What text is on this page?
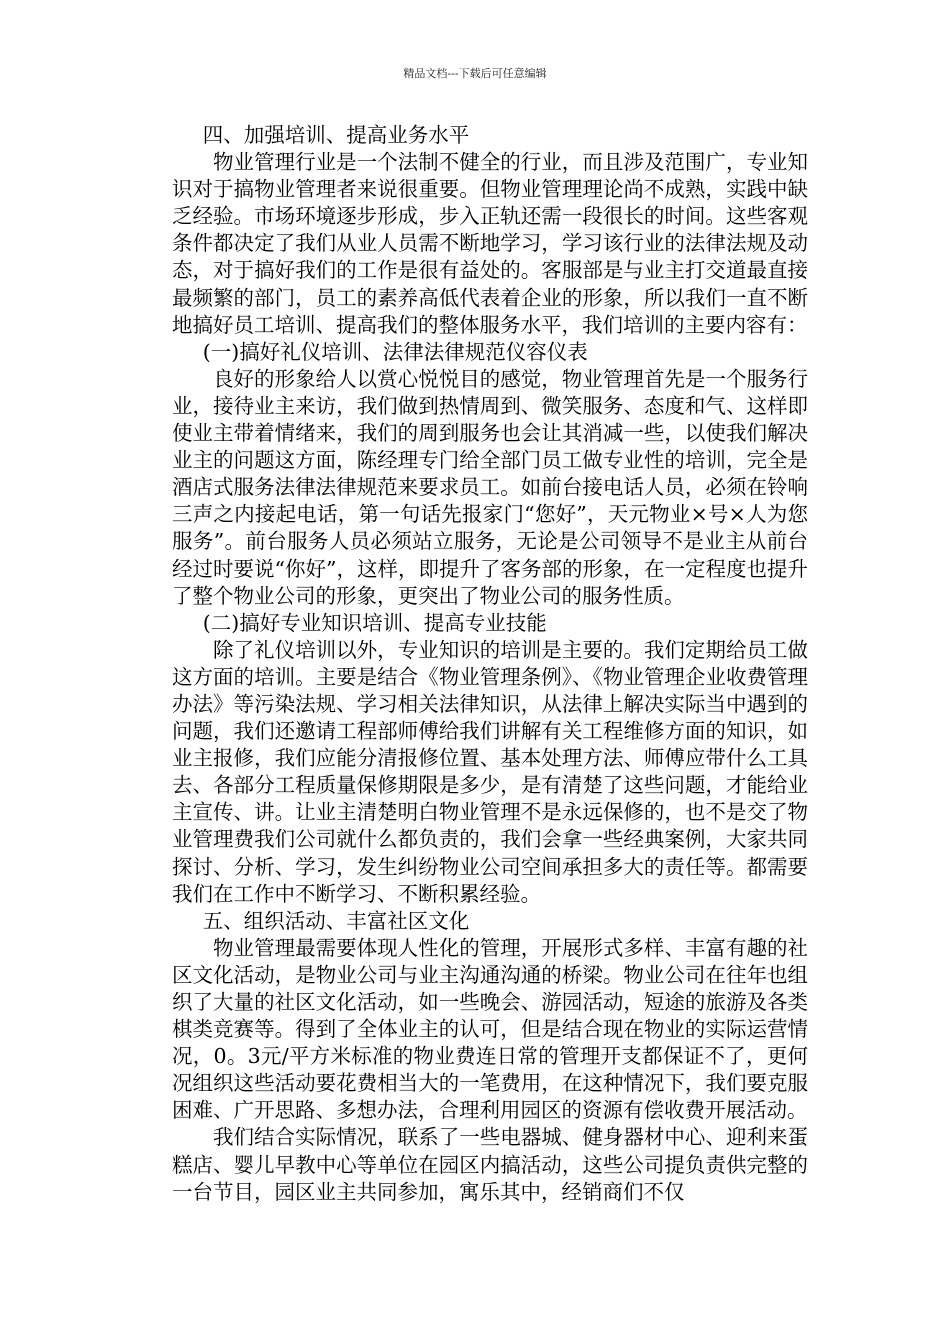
精品文档---下载后可任意编辑

四、加强培训、提高业务水平

物业管理行业是一个法制不健全的行业，而且涉及范围广，专业知识对于搞物业管理者来说很重要。但物业管理理论尚不成熟，实践中缺乏经验。市场环境逐步形成，步入正轨还需一段很长的时间。这些客观条件都决定了我们从业人员需不断地学习，学习该行业的法律法规及动态，对于搞好我们的工作是很有益处的。客服部是与业主打交道最直接最频繁的部门，员工的素养高低代表着企业的形象，所以我们一直不断地搞好员工培训、提高我们的整体服务水平，我们培训的主要内容有：

(一)搞好礼仪培训、法律法律规范仪容仪表

良好的形象给人以赏心悦悦目的感觉，物业管理首先是一个服务行业，接待业主来访，我们做到热情周到、微笑服务、态度和气、这样即使业主带着情绪来，我们的周到服务也会让其消减一些，以使我们解决业主的问题这方面，陈经理专门给全部门员工做专业性的培训，完全是酒店式服务法律法律规范来要求员工。如前台接电话人员，必须在铃响三声之内接起电话，第一句话先报家门“您好”，天元物业×号×人为您服务”。前台服务人员必须站立服务，无论是公司领导不是业主从前台经过时要说“你好”，这样，即提升了客务部的形象，在一定程度也提升了整个物业公司的形象，更突出了物业公司的服务性质。

(二)搞好专业知识培训、提高专业技能

除了礼仪培训以外，专业知识的培训是主要的。我们定期给员工做这方面的培训。主要是结合《物业管理条例》、《物业管理企业收费管理办法》等污染法规、学习相关法律知识，从法律上解决实际当中遇到的问题，我们还邀请工程部师傅给我们讲解有关工程维修方面的知识，如业主报修，我们应能分清报修位置、基本处理方法、师傅应带什么工具去、各部分工程质量保修期限是多少，是有清楚了这些问题，才能给业主宣传、讲。让业主清楚明白物业管理不是永远保修的，也不是交了物业管理费我们公司就什么都负责的，我们会拿一些经典案例，大家共同探讨、分析、学习，发生纠纷物业公司空间承担多大的责任等。都需要我们在工作中不断学习、不断积累经验。

五、组织活动、丰富社区文化

物业管理最需要体现人性化的管理，开展形式多样、丰富有趣的社区文化活动，是物业公司与业主沟通沟通的桥梁。物业公司在往年也组织了大量的社区文化活动，如一些晚会、游园活动，短途的旅游及各类棋类竞赛等。得到了全体业主的认可，但是结合现在物业的实际运营情况，0。3元/平方米标准的物业费连日常的管理开支都保证不了，更何况组织这些活动要花费相当大的一笔费用，在这种情况下，我们要克服困难、广开思路、多想办法，合理利用园区的资源有偿收费开展活动。

我们结合实际情况，联系了一些电器城、健身器材中心、迎利来蛋糕店、婴儿早教中心等单位在园区内搞活动，这些公司提负责供完整的一台节目，园区业主共同参加，寓乐其中，经销商们不仅
